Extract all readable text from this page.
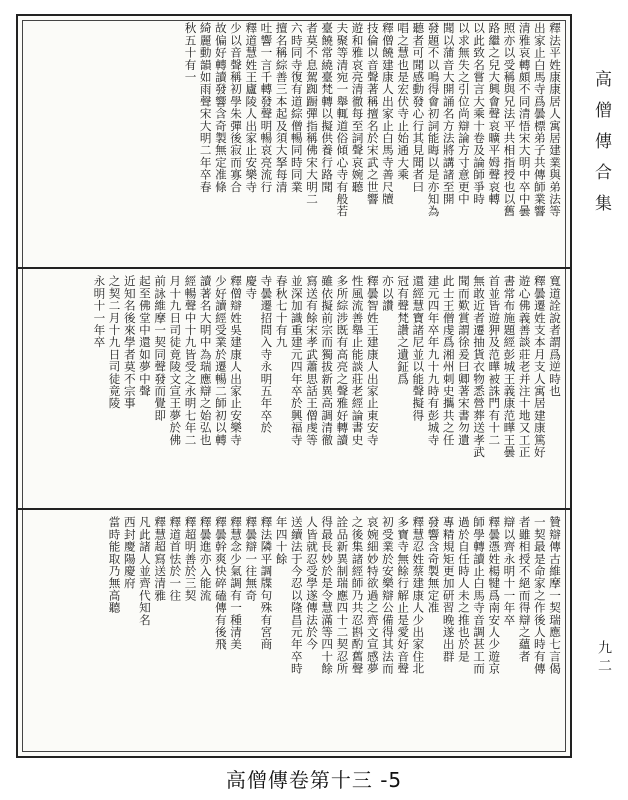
釋法平姓康康居人寓居建業與弟法等
出家止白馬寺爲曇標弟子共傳師業響
清雅哀轉頗不同清悟宋大明中卒中曇
照亦以受稱與兄法平共相指授也以舊
路繼之兒大興會聲哀曠平姆聲哀轉
以此致名嘗言大乘十卷及論師爭時
以求無失之引位尚辯論方寸意更中
聞以蒲音大開誦名方法將講諸至開
發題不以鳴得會初詞能晦以是亦知為
聽者可聞感動發心行其見聞者曰
唱之慧也是宏伏寺止始通大乘
釋僧饒建康人出家止白馬寺善尺牘
技倫以音聲著稱擅名於宋武之世響
遊和雅哀亮清徹每至詞聲哀婉聽
夫聚等清宛一舉輒道俗傾心寺有般若
臺饒常繞臺梵轉以擬供養行路聞
者莫不息駕踟蹰彈指稱佛宋大明二
六時同寺復有道綜僧暢同時同業
擅名稱綜善三本起及須大拏每清
吐響一言千轉發聲明暢哀亮流行
釋道慧姓王廬陵人出家止安樂寺
少以音聲稱初學朱彈後寂而寡合
故偏好轉讀發響含奇製無定准條
綺麗動韻如雨聲宋大明二年卒春
秋五十有一
寬道詮說者謂爲逆時也
釋曇遷姓支本月支人寓居建康篤好
遊心佛義善談莊老并注十地又工正
書常布施題經彭城王義康范曄王曇
首並皆遊狎及范曄被誅門有十二
無敢近者遷抽貨衣物悉營葬送孝武
聞而歎賞謂徐爰曰卿著宋書勿遺
此士王僧虔爲湘州刺史攜共之任
建元四年卒年九十九時有彭城寺
還經慧寶諸尼並以能聲擬得
冠有聲梵讚之遺鉦爲
亦以讚
釋曇智姓王建康人出家止東安寺
性風流善舉止能談莊老經論書史
多所綜涉既有高亮之聲雅好轉讀
雖依擬前宗而獨拔新異高調清徹
寫送有餘宋孝武蕭思話王僧虔等
並深加識重建元四年卒於興福寺
春秋七十有九
寺曇遷招問入寺永明五年卒於
慶寺
釋僧辯姓吳建康人出家止安樂寺
少好讀經受業於遷暢二師初以轉
讀著名大明中為瑞應辯之始弘也
經暢聲中十九皆受之永明七年二
月十九日司徒竟陵文宣王夢於佛
前詠維摩一契同聲發而覺即
起至佛堂中還如夢中聲
近知名後來學者莫不宗事
之契二月十九日司徒竟陵
永明十一年卒
贊辯傳古維摩一契瑞應七言偈
一契最是命家之作後人時有傳
者雖相授不絕而得辯之蘊者
辯以齊永明十一年卒
釋曇憑姓楊犍爲南安人少遊京
師學轉讀止白馬寺音調甚工而
過於自任時人未之推也於是
專精規矩更加研習晚遂出群
發響含奇製無定准
釋慧忍姓蔡建康人少出家住北
多寶寺無餘行解止是愛好音聲
初受業於安樂辯公備得其法而
哀婉細妙特欲過之齊文宣感夢
之後集諸經師乃共忍斟酌舊聲
詮品新異制瑞應四十二契忍所
得最長妙於是令慧滿等四十餘
人皆就忍受學遂傳法於今
送續法于今忍以隆昌元年卒時
年四十餘
釋法隣平調牒句殊有宮商
釋曇辯一往無奇
釋慧念少氣調有一種清美
釋曇幹爽快碎磕傳有後飛
釋曇進亦入能流
釋超明善於三契
釋道首怯於一往
釋慧超寫送清雅
凡此諸人並齊代知名
西封慶陽慶府
當時能取乃無高聽
高僧傳合集
九二
高僧傳卷第十三 -5
